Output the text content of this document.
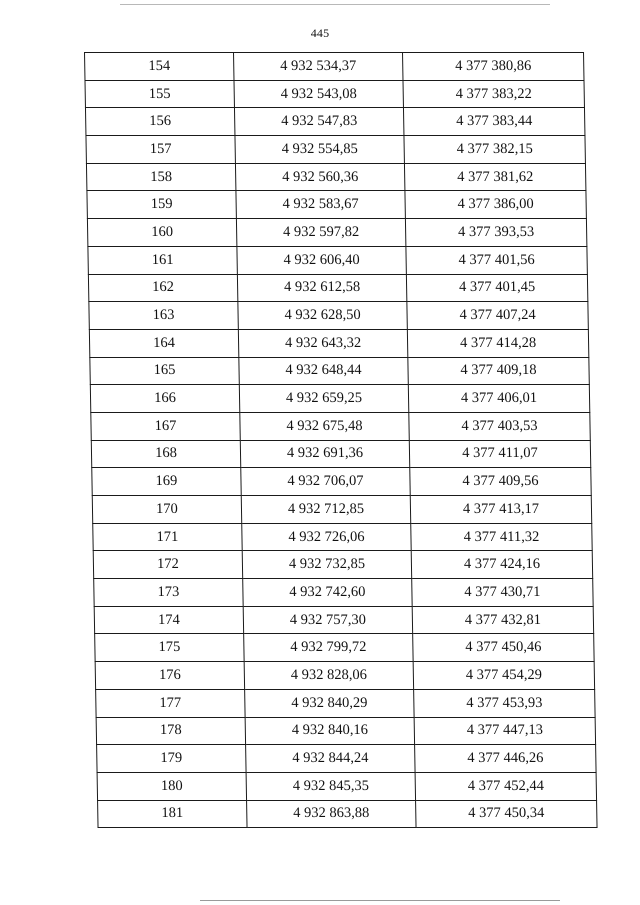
445
154	4 932 534,37	4 377 380,86
155	4 932 543,08	4 377 383,22
156	4 932 547,83	4 377 383,44
157	4 932 554,85	4 377 382,15
158	4 932 560,36	4 377 381,62
159	4 932 583,67	4 377 386,00
160	4 932 597,82	4 377 393,53
161	4 932 606,40	4 377 401,56
162	4 932 612,58	4 377 401,45
163	4 932 628,50	4 377 407,24
164	4 932 643,32	4 377 414,28
165	4 932 648,44	4 377 409,18
166	4 932 659,25	4 377 406,01
167	4 932 675,48	4 377 403,53
168	4 932 691,36	4 377 411,07
169	4 932 706,07	4 377 409,56
170	4 932 712,85	4 377 413,17
171	4 932 726,06	4 377 411,32
172	4 932 732,85	4 377 424,16
173	4 932 742,60	4 377 430,71
174	4 932 757,30	4 377 432,81
175	4 932 799,72	4 377 450,46
176	4 932 828,06	4 377 454,29
177	4 932 840,29	4 377 453,93
178	4 932 840,16	4 377 447,13
179	4 932 844,24	4 377 446,26
180	4 932 845,35	4 377 452,44
181	4 932 863,88	4 377 450,34
